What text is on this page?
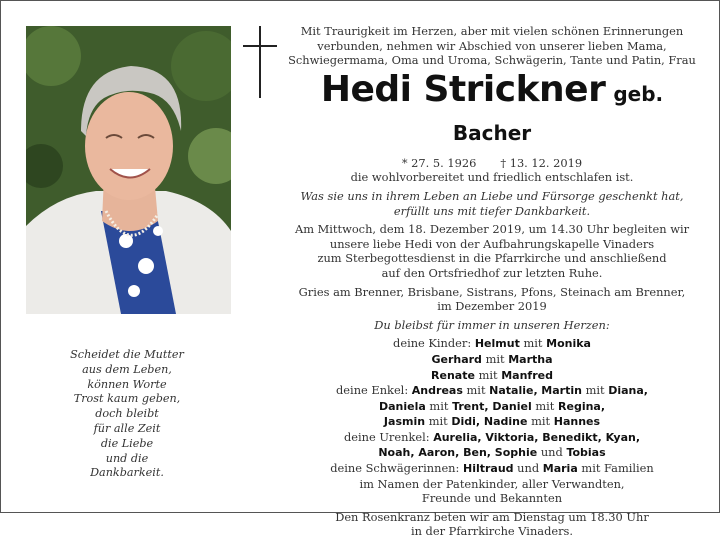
Scheidet die Mutter
aus dem Leben,
können Worte
Trost kaum geben,
doch bleibt
für alle Zeit
die Liebe
und die
Dankbarkeit.

Mit Traurigkeit im Herzen, aber mit vielen schönen Erinnerungen
verbunden, nehmen wir Abschied von unserer lieben Mama,
Schwiegermama, Oma und Uroma, Schwägerin, Tante und Patin, Frau

Hedi Strickner geb. Bacher

* 27. 5. 1926 † 13. 12. 2019

die wohlvorbereitet und friedlich entschlafen ist.

Was sie uns in ihrem Leben an Liebe und Fürsorge geschenkt hat,
erfüllt uns mit tiefer Dankbarkeit.

Am Mittwoch, dem 18. Dezember 2019, um 14.30 Uhr begleiten wir
unsere liebe Hedi von der Aufbahrungskapelle Vinaders
zum Sterbegottesdienst in die Pfarrkirche und anschließend
auf den Ortsfriedhof zur letzten Ruhe.

Gries am Brenner, Brisbane, Sistrans, Pfons, Steinach am Brenner,
im Dezember 2019

Du bleibst für immer in unseren Herzen:

deine Kinder: Helmut mit Monika

Gerhard mit Martha

Renate mit Manfred

deine Enkel: Andreas mit Natalie, Martin mit Diana,

Daniela mit Trent, Daniel mit Regina,

Jasmin mit Didi, Nadine mit Hannes

deine Urenkel: Aurelia, Viktoria, Benedikt, Kyan,

Noah, Aaron, Ben, Sophie und Tobias

deine Schwägerinnen: Hiltraud und Maria mit Familien

im Namen der Patenkinder, aller Verwandten,

Freunde und Bekannten

Den Rosenkranz beten wir am Dienstag um 18.30 Uhr
in der Pfarrkirche Vinaders.
